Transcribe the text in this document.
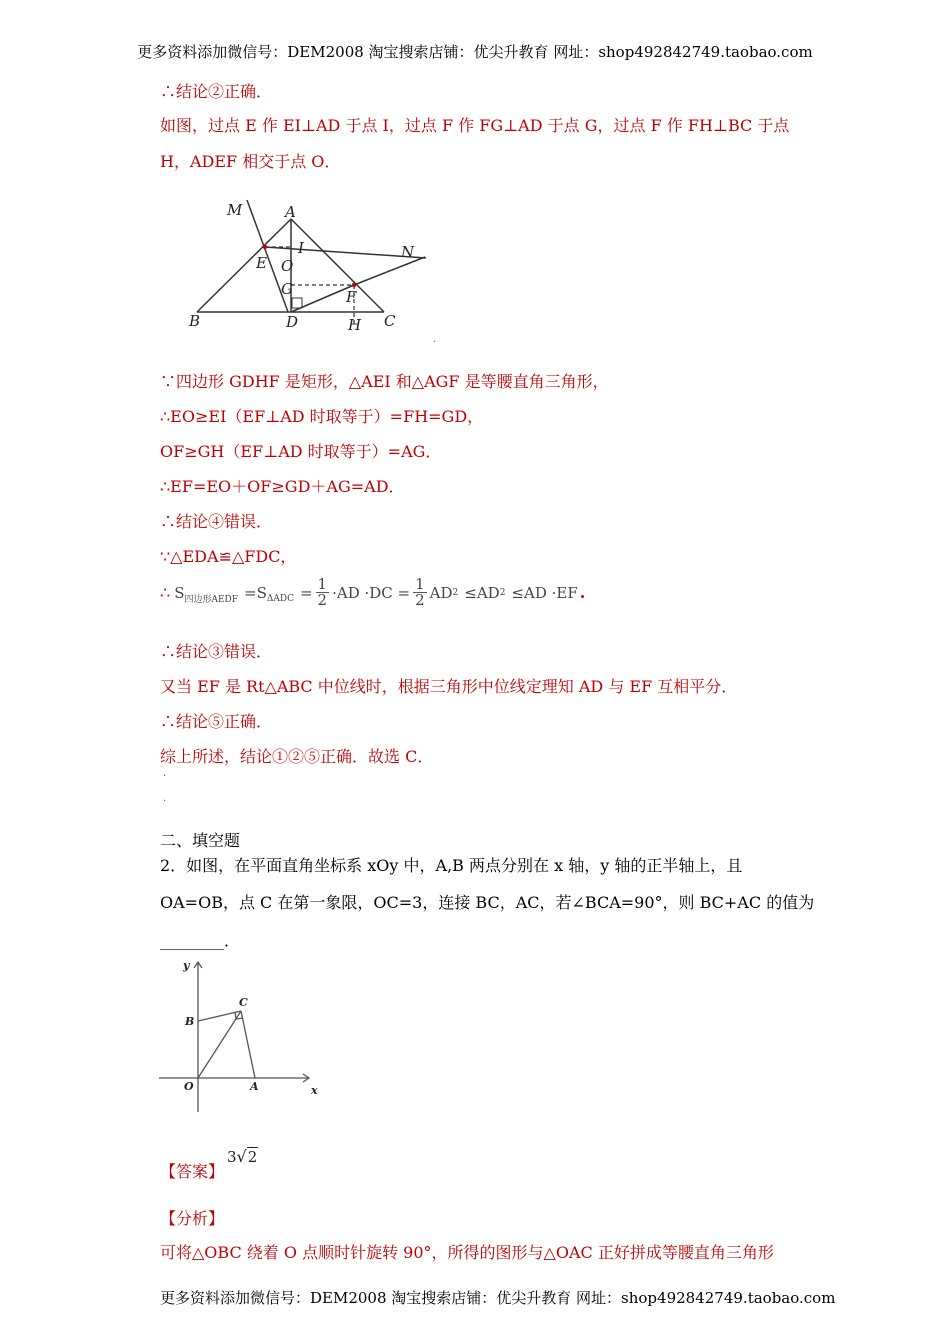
更多资料添加微信号：DEM2008 淘宝搜索店铺：优尖升教育 网址：shop492842749.taobao.com
∴结论②正确．
如图，过点 E 作 EI⊥AD 于点 I，过点 F 作 FG⊥AD 于点 G，过点 F 作 FH⊥BC 于点
H，ADEF 相交于点 O．
M	A
I	N
E O
F
G
B	D	H C
.
∵四边形 GDHF 是矩形，△AEI 和△AGF 是等腰直角三角形，
∴EO≥EI（EF⊥AD 时取等于）=FH=GD，
OF≥GH（EF⊥AD 时取等于）=AG．
∴EF=EO＋OF≥GD＋AG=AD．
∴结论④错误．
∵△EDA≌△FDC，
∴ S 四边形AEDF =S $\Delta ADC = \frac{1}{2} \cdot AD \cdot DC = \frac{1}{2}$ AD 2 ≤AD 2 ≤AD ·EF .
∴结论③错误．
又当 EF 是 Rt△ABC 中位线时，根据三角形中位线定理知 AD 与 EF 互相平分．
∴结论⑤正确．
综上所述，结论①②⑤正确．故选 C．
.
.
二、填空题
2．如图，在平面直角坐标系 xOy 中，A,B 两点分别在 x 轴，y 轴的正半轴上，且
OA=OB，点 C 在第一象限，OC=3，连接 BC，AC，若∠BCA=90°，则 BC+AC 的值为
________．
y
C
B
O	A	x
【答案】
3 √ 2
【分析】
可将△OBC 绕着 O 点顺时针旋转 90°，所得的图形与△OAC 正好拼成等腰直角三角形
更多资料添加微信号：DEM2008 淘宝搜索店铺：优尖升教育 网址：shop492842749.taobao.com
